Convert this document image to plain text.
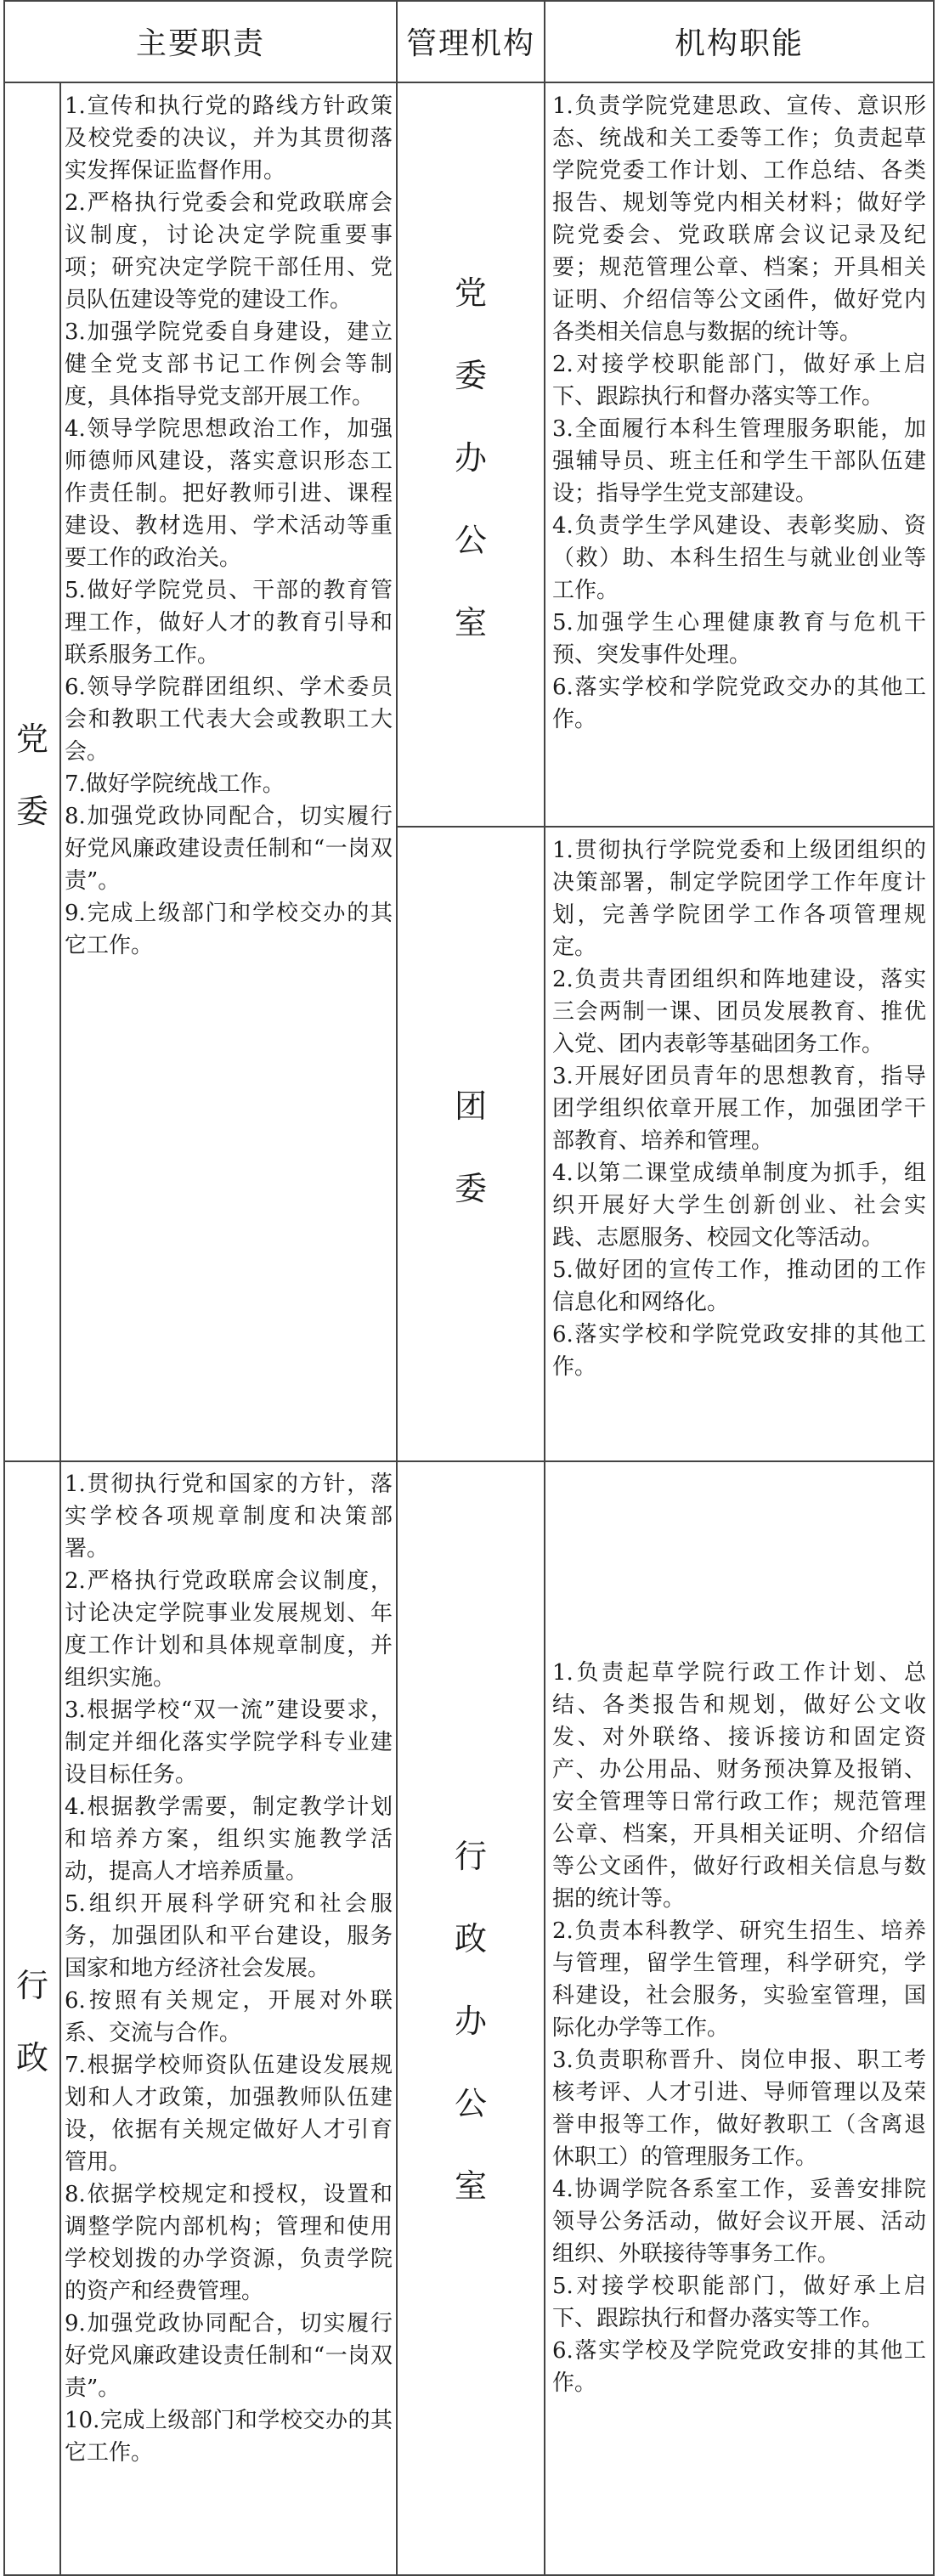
主要职责	管理机构	机构职能
党
委
行
政
党
委
办
公
室
团
委
行
政
办
公
室
1.宣传和执行党的路线方针政策及校党委的决议，并为其贯彻落实发挥保证监督作用。
2.严格执行党委会和党政联席会议制度，讨论决定学院重要事项；研究决定学院干部任用、党员队伍建设等党的建设工作。
3.加强学院党委自身建设，建立健全党支部书记工作例会等制度，具体指导党支部开展工作。
4.领导学院思想政治工作，加强师德师风建设，落实意识形态工作责任制。把好教师引进、课程建设、教材选用、学术活动等重要工作的政治关。
5.做好学院党员、干部的教育管理工作，做好人才的教育引导和联系服务工作。
6.领导学院群团组织、学术委员会和教职工代表大会或教职工大会。
7.做好学院统战工作。
8.加强党政协同配合，切实履行好党风廉政建设责任制和“一岗双责”。
9.完成上级部门和学校交办的其它工作。
1.贯彻执行党和国家的方针，落实学校各项规章制度和决策部署。
2.严格执行党政联席会议制度，讨论决定学院事业发展规划、年度工作计划和具体规章制度，并组织实施。
3.根据学校“双一流”建设要求，制定并细化落实学院学科专业建设目标任务。
4.根据教学需要，制定教学计划和培养方案，组织实施教学活动，提高人才培养质量。
5.组织开展科学研究和社会服务，加强团队和平台建设，服务国家和地方经济社会发展。
6.按照有关规定，开展对外联系、交流与合作。
7.根据学校师资队伍建设发展规划和人才政策，加强教师队伍建设，依据有关规定做好人才引育管用。
8.依据学校规定和授权，设置和调整学院内部机构；管理和使用学校划拨的办学资源，负责学院的资产和经费管理。
9.加强党政协同配合，切实履行好党风廉政建设责任制和“一岗双责”。
10.完成上级部门和学校交办的其它工作。
1.负责学院党建思政、宣传、意识形态、统战和关工委等工作；负责起草学院党委工作计划、工作总结、各类报告、规划等党内相关材料；做好学院党委会、党政联席会议记录及纪要；规范管理公章、档案；开具相关证明、介绍信等公文函件，做好党内各类相关信息与数据的统计等。
2.对接学校职能部门，做好承上启下、跟踪执行和督办落实等工作。
3.全面履行本科生管理服务职能，加强辅导员、班主任和学生干部队伍建设；指导学生党支部建设。
4.负责学生学风建设、表彰奖励、资（救）助、本科生招生与就业创业等工作。
5.加强学生心理健康教育与危机干预、突发事件处理。
6.落实学校和学院党政交办的其他工作。
1.贯彻执行学院党委和上级团组织的决策部署，制定学院团学工作年度计划，完善学院团学工作各项管理规定。
2.负责共青团组织和阵地建设，落实三会两制一课、团员发展教育、推优入党、团内表彰等基础团务工作。
3.开展好团员青年的思想教育，指导团学组织依章开展工作，加强团学干部教育、培养和管理。
4.以第二课堂成绩单制度为抓手，组织开展好大学生创新创业、社会实践、志愿服务、校园文化等活动。
5.做好团的宣传工作，推动团的工作信息化和网络化。
6.落实学校和学院党政安排的其他工作。
1.负责起草学院行政工作计划、总结、各类报告和规划，做好公文收发、对外联络、接诉接访和固定资产、办公用品、财务预决算及报销、安全管理等日常行政工作；规范管理公章、档案，开具相关证明、介绍信等公文函件，做好行政相关信息与数据的统计等。
2.负责本科教学、研究生招生、培养与管理，留学生管理，科学研究，学科建设，社会服务，实验室管理，国际化办学等工作。
3.负责职称晋升、岗位申报、职工考核考评、人才引进、导师管理以及荣誉申报等工作，做好教职工（含离退休职工）的管理服务工作。
4.协调学院各系室工作，妥善安排院领导公务活动，做好会议开展、活动组织、外联接待等事务工作。
5.对接学校职能部门，做好承上启下、跟踪执行和督办落实等工作。
6.落实学校及学院党政安排的其他工作。
